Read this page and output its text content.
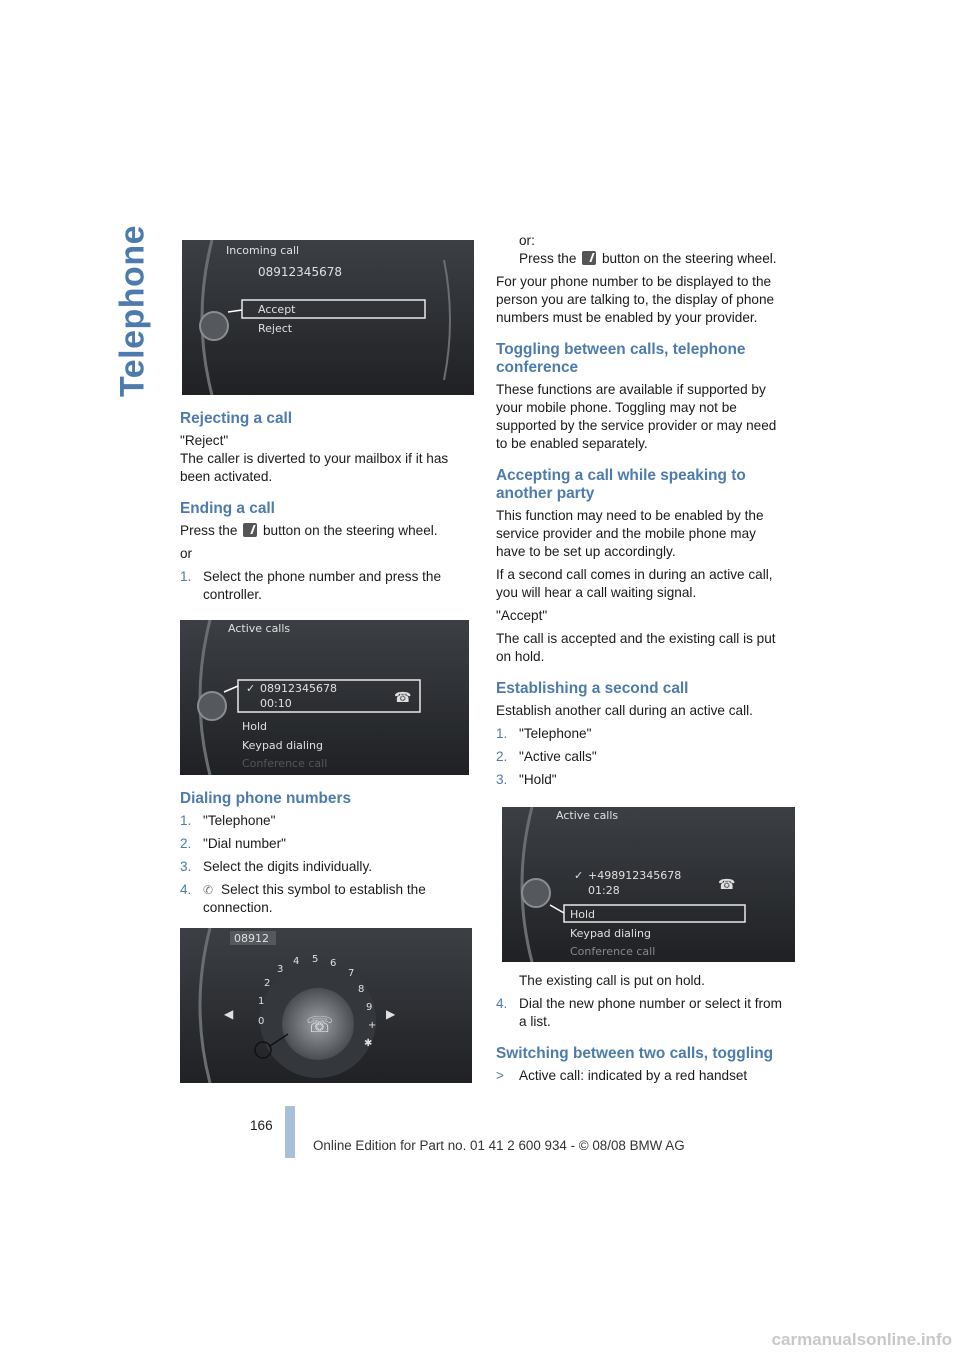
Telephone	Incoming call
08912345678
Accept
Reject
Active calls
✓ 08912345678
00:10	☎
Hold
Keypad dialing
Conference call
08912
☏
0
1
2
3
4 5 6
7
8
9
+
✱
◀	▶
Active calls
✓ +498912345678
01:28	☎
Hold
Keypad dialing
Conference call
Rejecting a call

"Reject"

The caller is diverted to your mailbox if it has been activated.

Ending a call

Press the button on the steering wheel.

or

1. Select the phone number and press the controller.
Dialing phone numbers
1. "Telephone"
2. "Dial number"
3. Select the digits individually.
4. ✆ Select this symbol to establish the connection.

or:

Press the button on the steering wheel.

For your phone number to be displayed to the person you are talking to, the display of phone numbers must be enabled by your provider.

Toggling between calls, telephone conference

These functions are available if supported by your mobile phone. Toggling may not be supported by the service provider or may need to be enabled separately.

Accepting a call while speaking to another party

This function may need to be enabled by the service provider and the mobile phone may have to be set up accordingly.

If a second call comes in during an active call, you will hear a call waiting signal.

"Accept"

The call is accepted and the existing call is put on hold.

Establishing a second call

Establish another call during an active call.

1. "Telephone"
2. "Active calls"
3. "Hold"

The existing call is put on hold.

4. Dial the new phone number or select it from a list.
Switching between two calls, toggling
> Active call: indicated by a red handset
166
Online Edition for Part no. 01 41 2 600 934 - © 08/08 BMW AG
carmanualsonline.info
